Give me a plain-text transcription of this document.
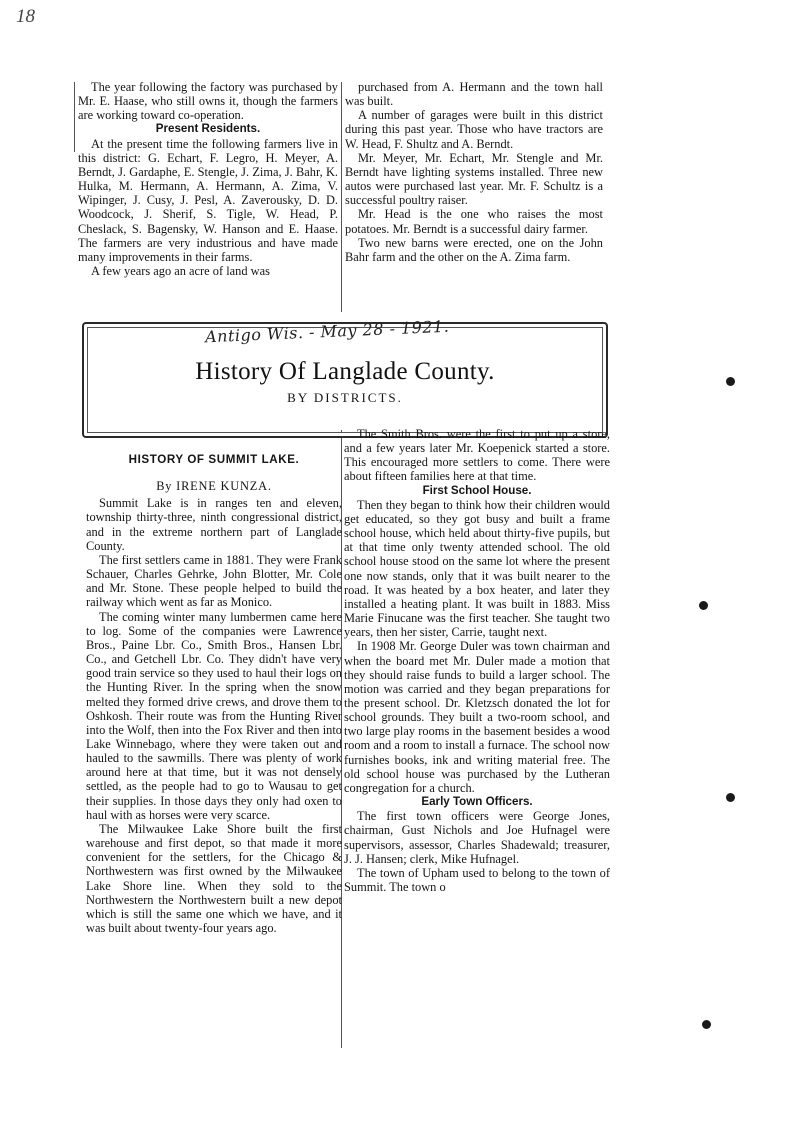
18

The year following the factory was purchased by Mr. E. Haase, who still owns it, though the farmers are working toward co-operation.

Present Residents.

At the present time the following farmers live in this district: G. Echart, F. Legro, H. Meyer, A. Berndt, J. Gardaphe, E. Stengle, J. Zima, J. Bahr, K. Hulka, M. Hermann, A. Hermann, A. Zima, V. Wipinger, J. Cusy, J. Pesl, A. Zaverousky, D. D. Woodcock, J. Sherif, S. Tigle, W. Head, P. Cheslack, S. Bagensky, W. Hanson and E. Haase. The farmers are very industrious and have made many improvements in their farms.

A few years ago an acre of land was

purchased from A. Hermann and the town hall was built.

A number of garages were built in this district during this past year. Those who have tractors are W. Head, F. Shultz and A. Berndt.

Mr. Meyer, Mr. Echart, Mr. Stengle and Mr. Berndt have lighting systems installed. Three new autos were purchased last year. Mr. F. Schultz is a successful poultry raiser.

Mr. Head is the one who raises the most potatoes. Mr. Berndt is a successful dairy farmer.

Two new barns were erected, one on the John Bahr farm and the other on the A. Zima farm.

History Of Langlade County.
BY DISTRICTS.
Antigo Wis. - May 28 - 1921.
HISTORY OF SUMMIT LAKE.
By IRENE KUNZA.

Summit Lake is in ranges ten and eleven, township thirty-three, ninth congressional district, and in the extreme northern part of Langlade County.

The first settlers came in 1881. They were Frank Schauer, Charles Gehrke, John Blotter, Mr. Cole and Mr. Stone. These people helped to build the railway which went as far as Monico.

The coming winter many lumbermen came here to log. Some of the companies were Lawrence Bros., Paine Lbr. Co., Smith Bros., Hansen Lbr. Co., and Getchell Lbr. Co. They didn't have very good train service so they used to haul their logs on the Hunting River. In the spring when the snow melted they formed drive crews, and drove them to Oshkosh. Their route was from the Hunting River into the Wolf, then into the Fox River and then into Lake Winnebago, where they were taken out and hauled to the sawmills. There was plenty of work around here at that time, but it was not densely settled, as the people had to go to Wausau to get their supplies. In those days they only had oxen to haul with as horses were very scarce.

The Milwaukee Lake Shore built the first warehouse and first depot, so that made it more convenient for the settlers, for the Chicago & Northwestern was first owned by the Milwaukee Lake Shore line. When they sold to the Northwestern the Northwestern built a new depot which is still the same one which we have, and it was built about twenty-four years ago.

The Smith Bros. were the first to put up a store, and a few years later Mr. Koepenick started a store. This encouraged more settlers to come. There were about fifteen families here at that time.

First School House.

Then they began to think how their children would get educated, so they got busy and built a frame school house, which held about thirty-five pupils, but at that time only twenty attended school. The old school house stood on the same lot where the present one now stands, only that it was built nearer to the road. It was heated by a box heater, and later they installed a heating plant. It was built in 1883. Miss Marie Finucane was the first teacher. She taught two years, then her sister, Carrie, taught next.

In 1908 Mr. George Duler was town chairman and when the board met Mr. Duler made a motion that they should raise funds to build a larger school. The motion was carried and they began preparations for the present school. Dr. Kletzsch donated the lot for school grounds. They built a two-room school, and two large play rooms in the basement besides a wood room and a room to install a furnace. The school now furnishes books, ink and writing material free. The old school house was purchased by the Lutheran congregation for a church.

Early Town Officers.

The first town officers were George Jones, chairman, Gust Nichols and Joe Hufnagel were supervisors, assessor, Charles Shadewald; treasurer, J. J. Hansen; clerk, Mike Hufnagel.

The town of Upham used to belong to the town of Summit. The town o
